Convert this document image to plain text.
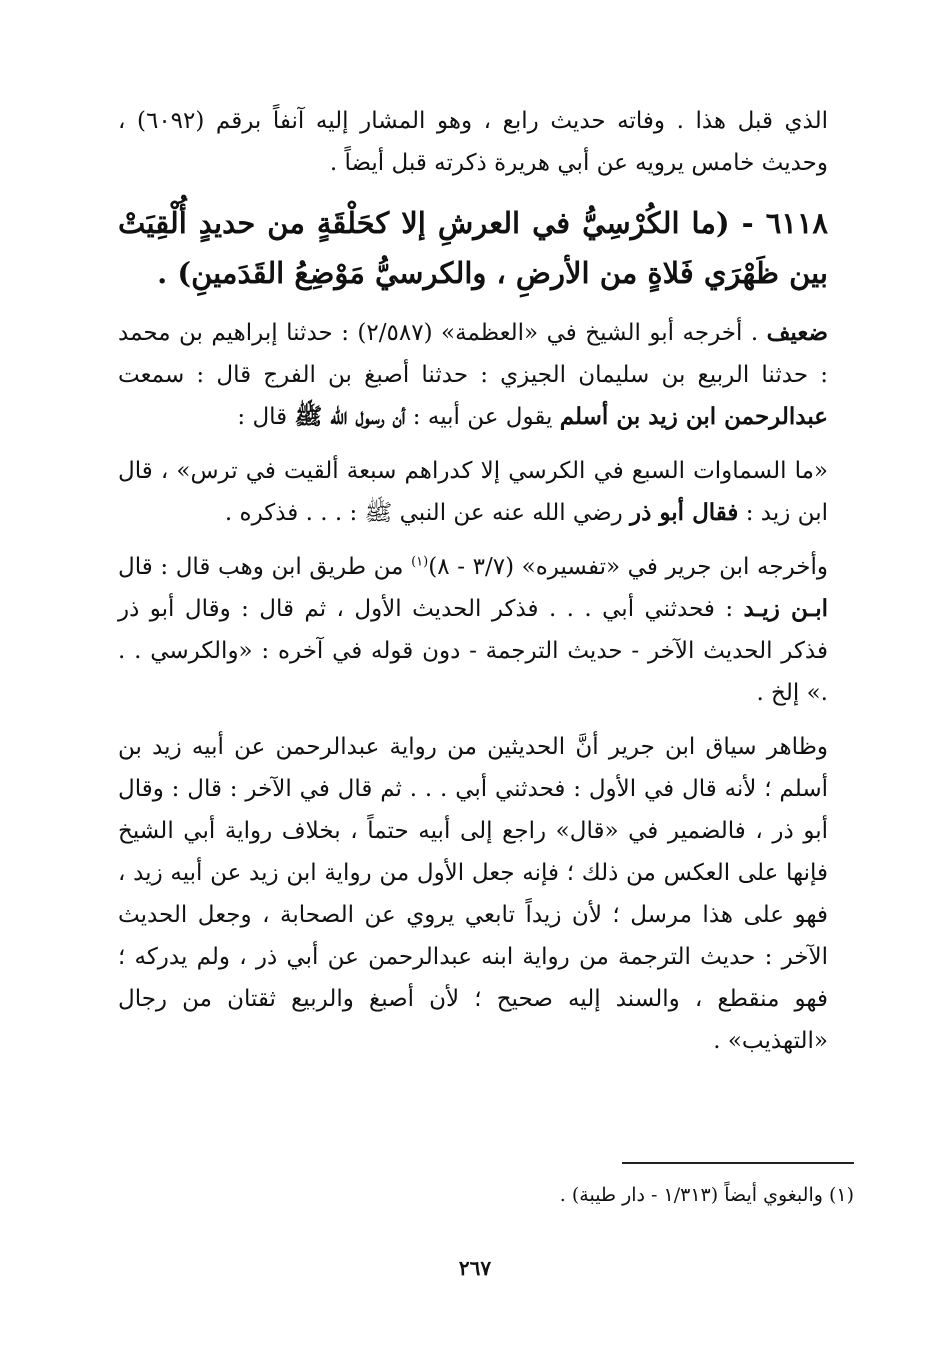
الذي قبل هذا . وفاته حديث رابع ، وهو المشار إليه آنفاً برقم (٦٠٩٢) ، وحديث خامس يرويه عن أبي هريرة ذكرته قبل أيضاً .

٦١١٨ - (ما الكُرْسِيُّ في العرشِ إلا كحَلْقَةٍ من حديدٍ أُلْقِيَتْ بين ظَهْرَي فَلاةٍ من الأرضِ ، والكرسيُّ مَوْضِعُ القَدَمينِ) .

ضعيف . أخرجه أبو الشيخ في «العظمة» (٢/٥٨٧) : حدثنا إبراهيم بن محمد : حدثنا الربيع بن سليمان الجيزي : حدثنا أصبغ بن الفرج قال : سمعت عبدالرحمن ابن زيد بن أسلم يقول عن أبيه : أن رسول الله ﷺ قال :

«ما السماوات السبع في الكرسي إلا كدراهم سبعة ألقيت في ترس» ، قال ابن زيد : فقال أبو ذر رضي الله عنه عن النبي ﷺ : . . . فذكره .

وأخرجه ابن جرير في «تفسيره» (٣/٧ - ٨)$^{(١)}$ من طريق ابن وهب قال : قال ابـن زيـد : فحدثني أبي . . . فذكر الحديث الأول ، ثم قال : وقال أبو ذر فذكر الحديث الآخر - حديث الترجمة - دون قوله في آخره : «والكرسي . . .» إلخ .

وظاهر سياق ابن جرير أنَّ الحديثين من رواية عبدالرحمن عن أبيه زيد بن أسلم ؛ لأنه قال في الأول : فحدثني أبي . . . ثم قال في الآخر : قال : وقال أبو ذر ، فالضمير في «قال» راجع إلى أبيه حتماً ، بخلاف رواية أبي الشيخ فإنها على العكس من ذلك ؛ فإنه جعل الأول من رواية ابن زيد عن أبيه زيد ، فهو على هذا مرسل ؛ لأن زيداً تابعي يروي عن الصحابة ، وجعل الحديث الآخر : حديث الترجمة من رواية ابنه عبدالرحمن عن أبي ذر ، ولم يدركه ؛ فهو منقطع ، والسند إليه صحيح ؛ لأن أصبغ والربيع ثقتان من رجال «التهذيب» .

(١) والبغوي أيضاً (١/٣١٣ - دار طيبة) .
٢٦٧
